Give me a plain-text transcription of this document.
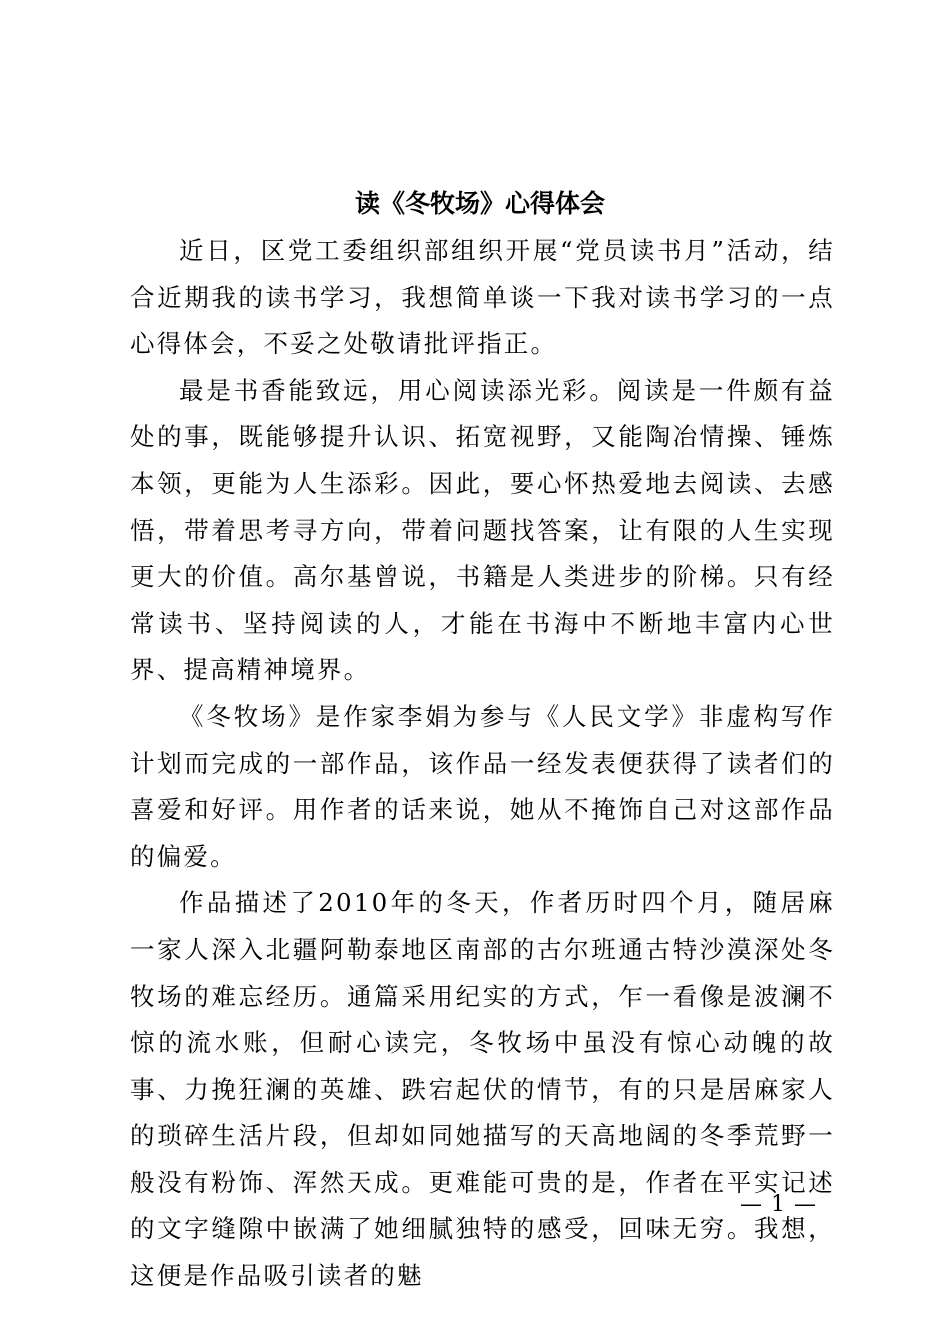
读《冬牧场》心得体会

近日，区党工委组织部组织开展“党员读书月”活动，结合近期我的读书学习，我想简单谈一下我对读书学习的一点心得体会，不妥之处敬请批评指正。

最是书香能致远，用心阅读添光彩。阅读是一件颇有益处的事，既能够提升认识、拓宽视野，又能陶冶情操、锤炼本领，更能为人生添彩。因此，要心怀热爱地去阅读、去感悟，带着思考寻方向，带着问题找答案，让有限的人生实现更大的价值。高尔基曾说，书籍是人类进步的阶梯。只有经常读书、坚持阅读的人，才能在书海中不断地丰富内心世界、提高精神境界。

《冬牧场》是作家李娟为参与《人民文学》非虚构写作计划而完成的一部作品，该作品一经发表便获得了读者们的喜爱和好评。用作者的话来说，她从不掩饰自己对这部作品的偏爱。

作品描述了2010年的冬天，作者历时四个月，随居麻一家人深入北疆阿勒泰地区南部的古尔班通古特沙漠深处冬牧场的难忘经历。通篇采用纪实的方式，乍一看像是波澜不惊的流水账，但耐心读完，冬牧场中虽没有惊心动魄的故事、力挽狂澜的英雄、跌宕起伏的情节，有的只是居麻家人的琐碎生活片段，但却如同她描写的天高地阔的冬季荒野一般没有粉饰、浑然天成。更难能可贵的是，作者在平实记述的文字缝隙中嵌满了她细腻独特的感受，回味无穷。我想，这便是作品吸引读者的魅

— 1 —
